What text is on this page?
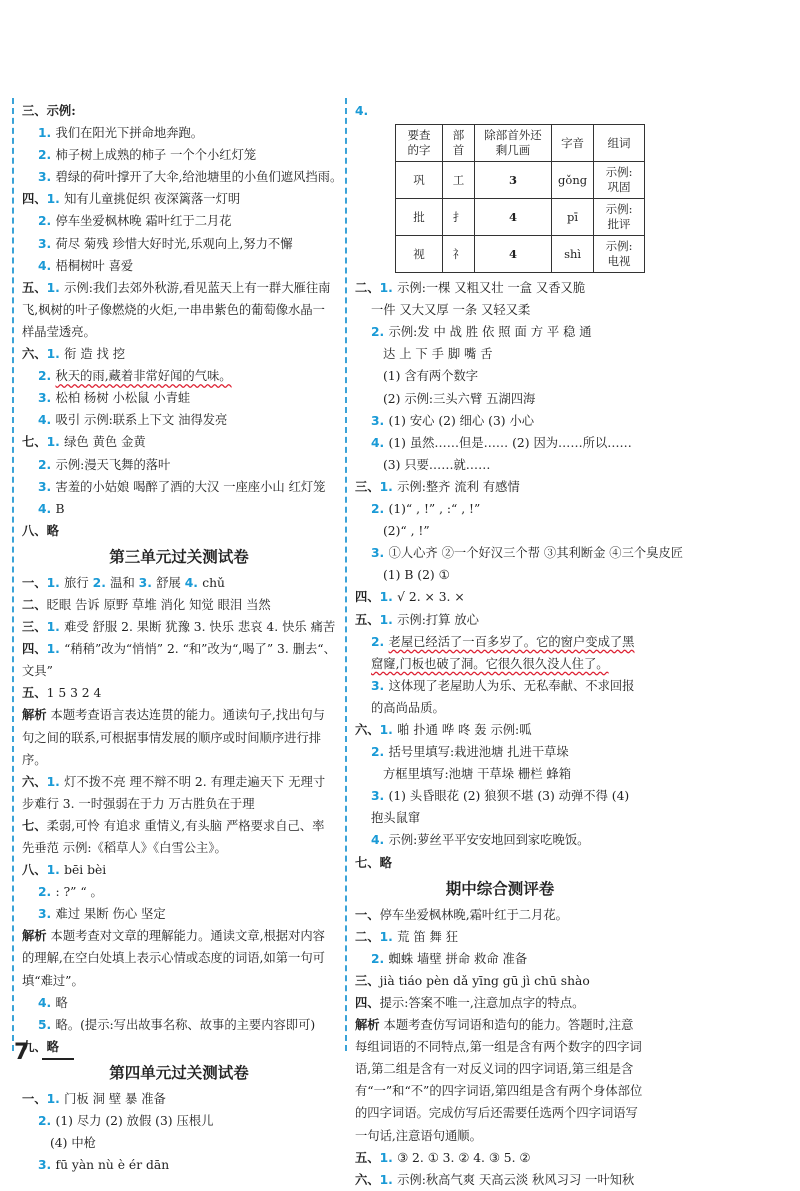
三、示例:
1. 我们在阳光下拼命地奔跑。
2. 柿子树上成熟的柿子 一个个小红灯笼
3. 碧绿的荷叶撑开了大伞,给池塘里的小鱼们遮风挡雨。
四、1. 知有儿童挑促织 夜深篱落一灯明
2. 停车坐爱枫林晚 霜叶红于二月花
3. 荷尽 菊残 珍惜大好时光,乐观向上,努力不懈
4. 梧桐树叶 喜爱
五、1. 示例:我们去郊外秋游,看见蓝天上有一群大雁往南飞,枫树的叶子像燃烧的火炬,一串串紫色的葡萄像水晶一样晶莹透亮。
六、1. 衔 造 找 挖
2. 秋天的雨,藏着非常好闻的气味。
3. 松柏 杨树 小松鼠 小青蛙
4. 吸引 示例:联系上下文 油得发亮
七、1. 绿色 黄色 金黄
2. 示例:漫天飞舞的落叶
3. 害羞的小姑娘 喝醉了酒的大汉 一座座小山 红灯笼
4. B
八、略
第三单元过关测试卷
一、1. 旅行 2. 温和 3. 舒展 4. chǔ
二、眨眼 告诉 原野 草堆 消化 知觉 眼泪 当然
三、1. 难受 舒服 2. 果断 犹豫 3. 快乐 悲哀 4. 快乐 痛苦
四、1. “稍稍”改为“悄悄” 2. “和”改为“,喝了” 3. 删去“、文具”
五、1 5 3 2 4
解析 本题考查语言表达连贯的能力。通读句子,找出句与句之间的联系,可根据事情发展的顺序或时间顺序进行排序。
六、1. 灯不拨不亮 理不辩不明 2. 有理走遍天下 无理寸步难行 3. 一时强弱在于力 万古胜负在于理
七、柔弱,可怜 有追求 重情义,有头脑 严格要求自己、率先垂范 示例:《稻草人》《白雪公主》。
八、1. bēi bèi
2. : ?” “ 。
3. 难过 果断 伤心 坚定
解析 本题考查对文章的理解能力。通读文章,根据对内容的理解,在空白处填上表示心情或态度的词语,如第一句可填“难过”。
4. 略
5. 略。(提示:写出故事名称、故事的主要内容即可)
九、略
第四单元过关测试卷
一、1. 门板 洞 壁 暴 准备
2. (1) 尽力 (2) 放假 (3) 压根儿
(4) 中枪
3. fū yàn nù è ér dān
4.
要查的字	部首	除部首外还剩几画	字音	组词
巩	工	3	gǒng	示例:巩固
批	扌	4	pī	示例:批评
视	礻	4	shì	示例:电视
二、1. 示例:一棵 又粗又壮 一盒 又香又脆
一件 又大又厚 一条 又轻又柔
2. 示例:发 中 战 胜 依 照 面 方 平 稳 通
达 上 下 手 脚 嘴 舌
(1) 含有两个数字
(2) 示例:三头六臂 五湖四海
3. (1) 安心 (2) 细心 (3) 小心
4. (1) 虽然……但是…… (2) 因为……所以……
(3) 只要……就……
三、1. 示例:整齐 流利 有感情
2. (1)“ , !” , :“ , !”
(2)“ , !”
3. ①人心齐 ②一个好汉三个帮 ③其利断金 ④三个臭皮匠
(1) B (2) ①
四、1. √ 2. × 3. ×
五、1. 示例:打算 放心
2. 老屋已经活了一百多岁了。它的窗户变成了黑窟窿,门板也破了洞。它很久很久没人住了。
3. 这体现了老屋助人为乐、无私奉献、不求回报的高尚品质。
六、1. 啪 扑通 哗 咚 轰 示例:呱
2. 括号里填写:栽进池塘 扎进干草垛
方框里填写:池塘 干草垛 栅栏 蜂箱
3. (1) 头昏眼花 (2) 狼狈不堪 (3) 动弹不得 (4) 抱头鼠窜
4. 示例:萝丝平平安安地回到家吃晚饭。
七、略
期中综合测评卷
一、停车坐爱枫林晚,霜叶红于二月花。
二、1. 荒 笛 舞 狂
2. 蜘蛛 墙壁 拼命 救命 准备
三、jià tiáo pèn dǎ yīng gū jì chū shào
四、提示:答案不唯一,注意加点字的特点。
解析 本题考查仿写词语和造句的能力。答题时,注意每组词语的不同特点,第一组是含有两个数字的四字词语,第二组是含有一对反义词的四字词语,第三组是含有“一”和“不”的四字词语,第四组是含有两个身体部位的四字词语。完成仿写后还需要任选两个四字词语写一句话,注意语句通顺。
五、1. ③ 2. ① 3. ② 4. ③ 5. ②
六、1. 示例:秋高气爽 天高云淡 秋风习习 一叶知秋
7
